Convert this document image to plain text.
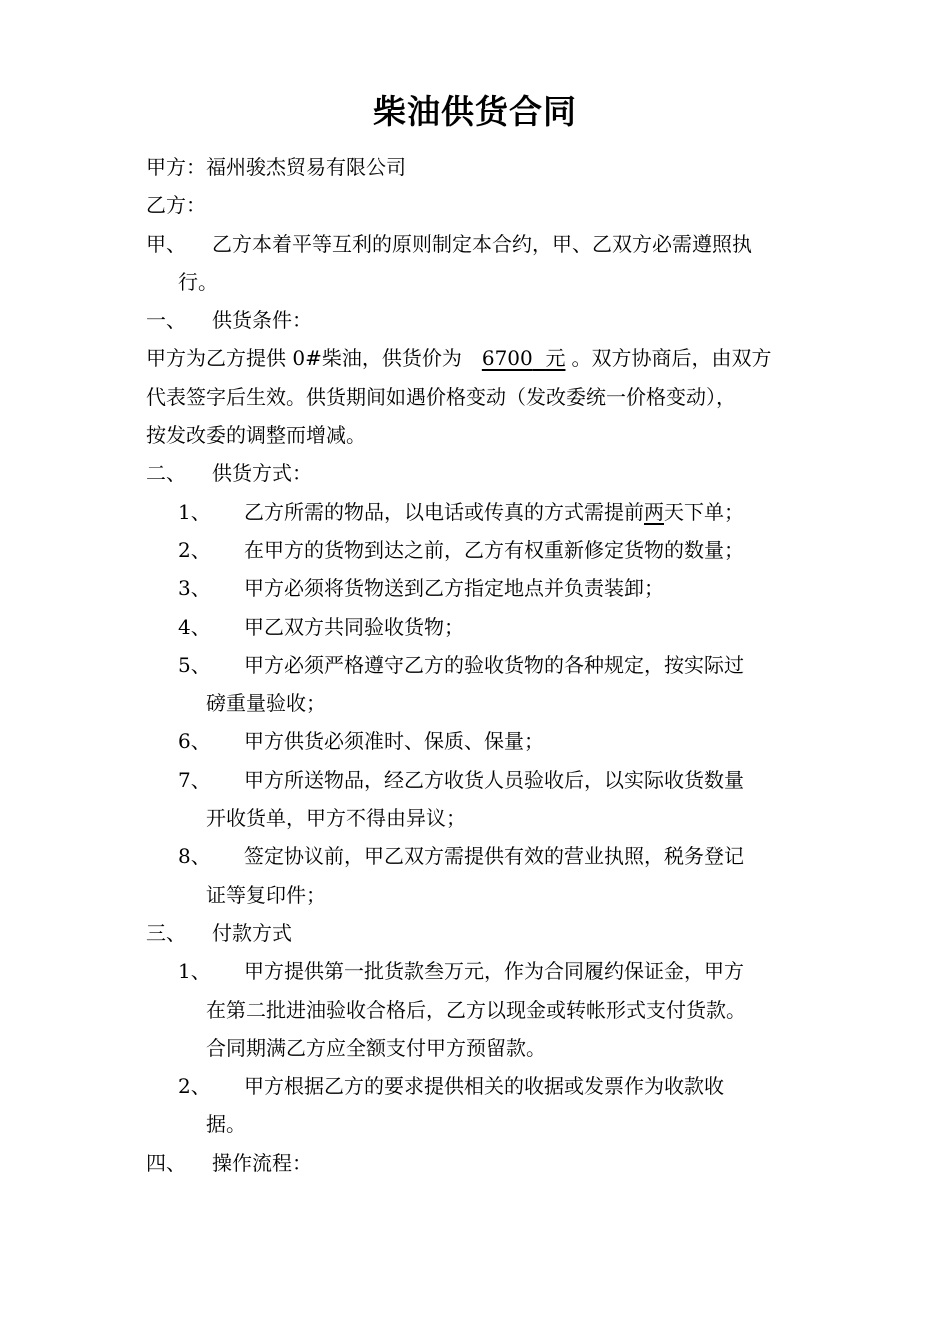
柴油供货合同
甲方：福州骏杰贸易有限公司
乙方：
甲、 乙方本着平等互利的原则制定本合约，甲、乙双方必需遵照执
行。
一、 供货条件：
甲方为乙方提供 0#柴油，供货价为 6700 元 。双方协商后，由双方
代表签字后生效。供货期间如遇价格变动（发改委统一价格变动），
按发改委的调整而增减。
二、 供货方式：
1、 乙方所需的物品，以电话或传真的方式需提前两天下单；
2、 在甲方的货物到达之前，乙方有权重新修定货物的数量；
3、 甲方必须将货物送到乙方指定地点并负责装卸；
4、 甲乙双方共同验收货物；
5、 甲方必须严格遵守乙方的验收货物的各种规定，按实际过
磅重量验收；
6、 甲方供货必须准时、保质、保量；
7、 甲方所送物品，经乙方收货人员验收后，以实际收货数量
开收货单，甲方不得由异议；
8、 签定协议前，甲乙双方需提供有效的营业执照，税务登记
证等复印件；
三、 付款方式
1、 甲方提供第一批货款叁万元，作为合同履约保证金，甲方
在第二批进油验收合格后，乙方以现金或转帐形式支付货款。
合同期满乙方应全额支付甲方预留款。
2、 甲方根据乙方的要求提供相关的收据或发票作为收款收
据。
四、 操作流程：
